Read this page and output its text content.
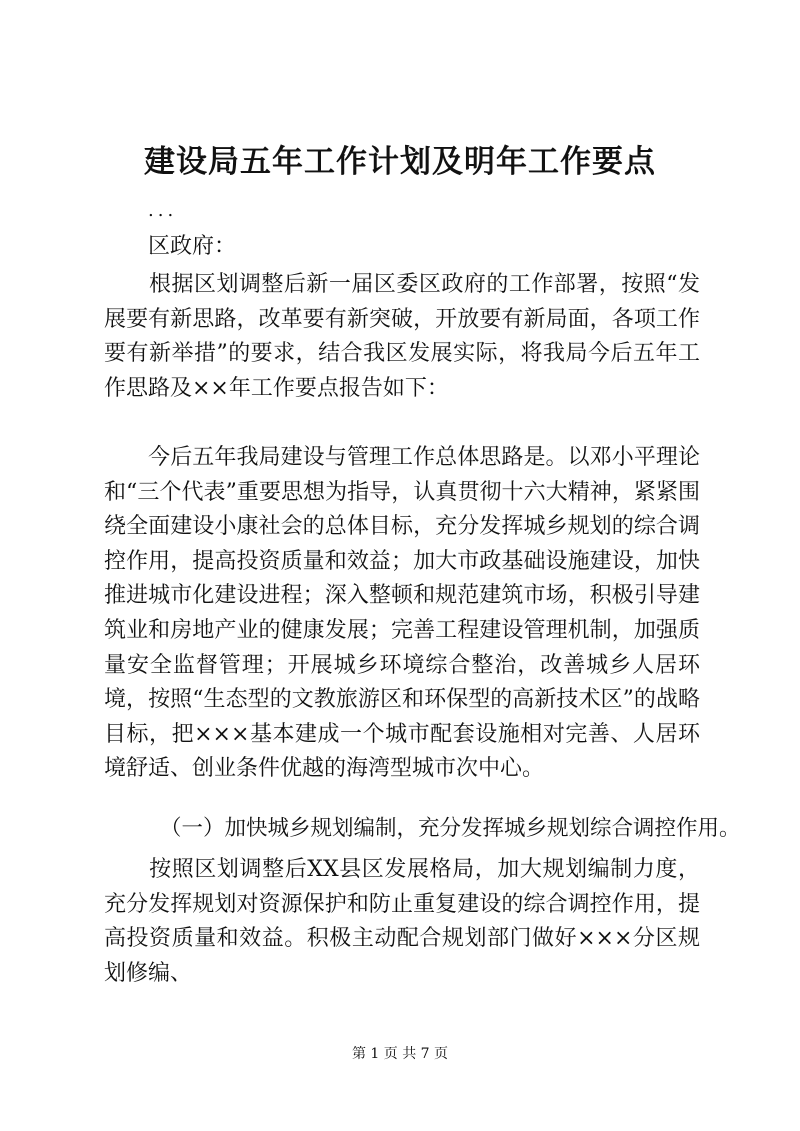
建设局五年工作计划及明年工作要点

...

区政府：

　　根据区划调整后新一届区委区政府的工作部署，按照“发展要有新思路，改革要有新突破，开放要有新局面，各项工作要有新举措”的要求，结合我区发展实际，将我局今后五年工作思路及××年工作要点报告如下：

　　今后五年我局建设与管理工作总体思路是。以邓小平理论和“三个代表”重要思想为指导，认真贯彻十六大精神，紧紧围绕全面建设小康社会的总体目标，充分发挥城乡规划的综合调控作用，提高投资质量和效益；加大市政基础设施建设，加快推进城市化建设进程；深入整顿和规范建筑市场，积极引导建筑业和房地产业的健康发展；完善工程建设管理机制，加强质量安全监督管理；开展城乡环境综合整治，改善城乡人居环境，按照“生态型的文教旅游区和环保型的高新技术区”的战略目标，把×××基本建成一个城市配套设施相对完善、人居环境舒适、创业条件优越的海湾型城市次中心。

（一）加快城乡规划编制，充分发挥城乡规划综合调控作用。

　　按照区划调整后XX县区发展格局，加大规划编制力度，充分发挥规划对资源保护和防止重复建设的综合调控作用，提高投资质量和效益。积极主动配合规划部门做好×××分区规划修编、

第 1 页 共 7 页
